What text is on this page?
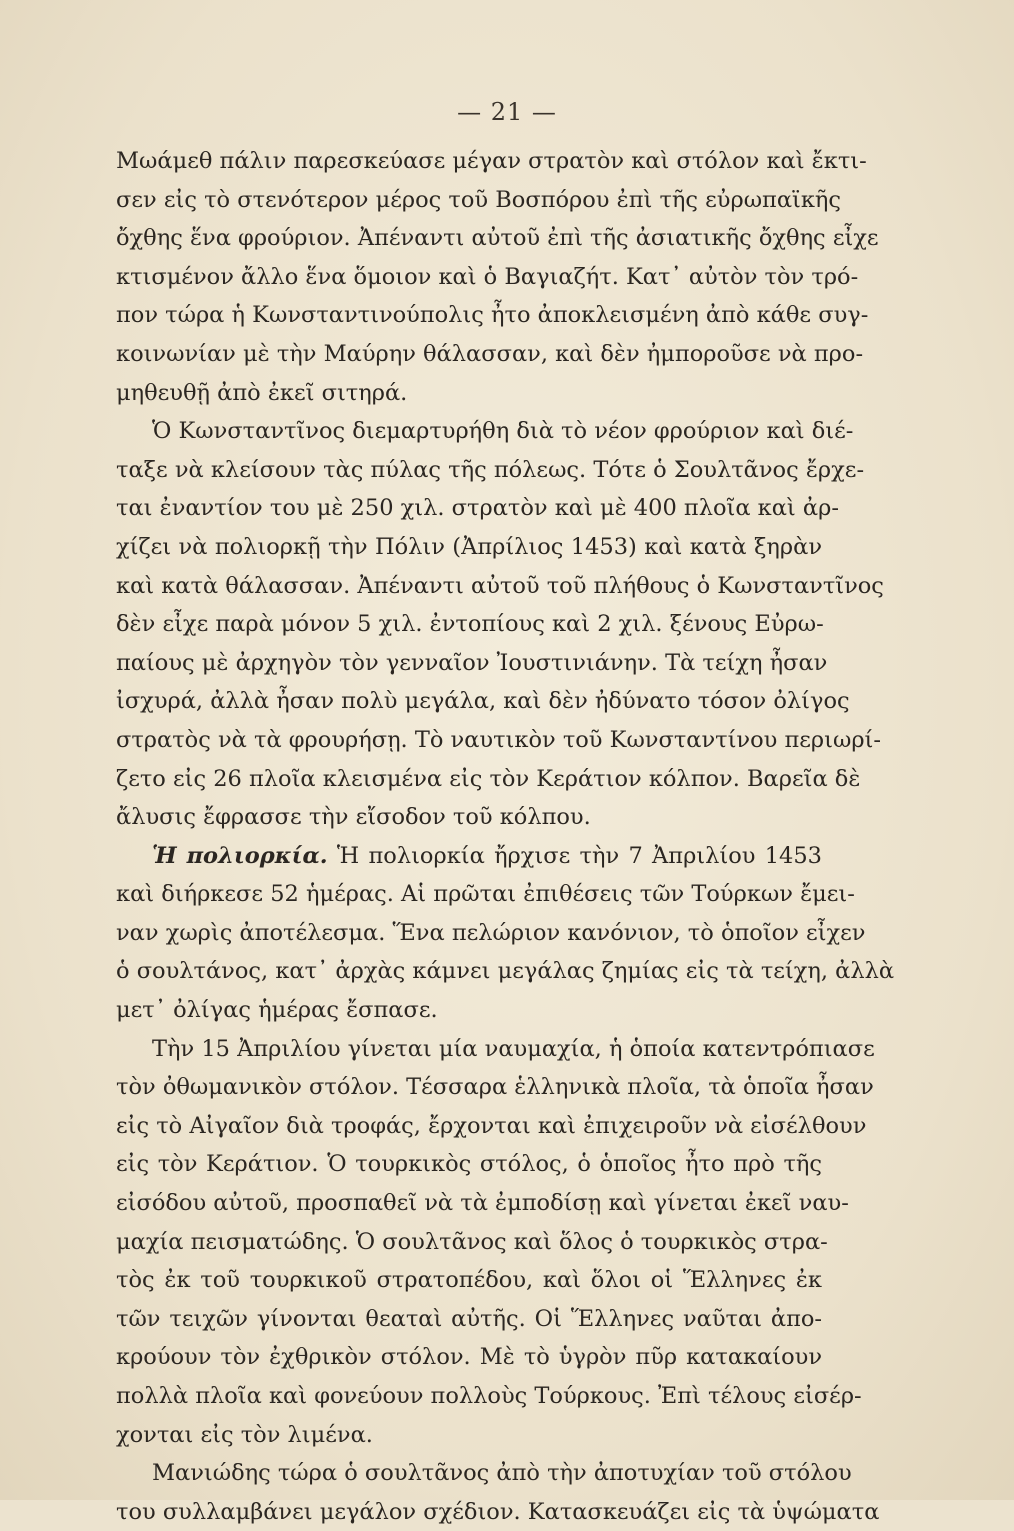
— 21 —
Μωάμεθ πάλιν παρεσκεύασε μέγαν στρατὸν καὶ στόλον καὶ ἔκτι-
σεν εἰς τὸ στενότερον μέρος τοῦ Βοσπόρου ἐπὶ τῆς εὐρωπαϊκῆς
ὄχθης ἕνα φρούριον. Ἀπέναντι αὐτοῦ ἐπὶ τῆς ἀσιατικῆς ὄχθης εἶχε
κτισμένον ἄλλο ἕνα ὅμοιον καὶ ὁ Βαγιαζήτ. Κατ᾽ αὐτὸν τὸν τρό-
πον τώρα ἡ Κωνσταντινούπολις ἦτο ἀποκλεισμένη ἀπὸ κάθε συγ-
κοινωνίαν μὲ τὴν Μαύρην θάλασσαν, καὶ δὲν ἠμποροῦσε νὰ προ-
μηθευθῇ ἀπὸ ἐκεῖ σιτηρά.
Ὁ Κωνσταντῖνος διεμαρτυρήθη διὰ τὸ νέον φρούριον καὶ διέ-
ταξε νὰ κλείσουν τὰς πύλας τῆς πόλεως. Τότε ὁ Σουλτᾶνος ἔρχε-
ται ἐναντίον του μὲ 250 χιλ. στρατὸν καὶ μὲ 400 πλοῖα καὶ ἀρ-
χίζει νὰ πολιορκῇ τὴν Πόλιν (Ἀπρίλιος 1453) καὶ κατὰ ξηρὰν
καὶ κατὰ θάλασσαν. Ἀπέναντι αὐτοῦ τοῦ πλήθους ὁ Κωνσταντῖνος
δὲν εἶχε παρὰ μόνον 5 χιλ. ἐντοπίους καὶ 2 χιλ. ξένους Εὐρω-
παίους μὲ ἀρχηγὸν τὸν γενναῖον Ἰουστινιάνην. Τὰ τείχη ἦσαν
ἰσχυρά, ἀλλὰ ἦσαν πολὺ μεγάλα, καὶ δὲν ἠδύνατο τόσον ὀλίγος
στρατὸς νὰ τὰ φρουρήσῃ. Τὸ ναυτικὸν τοῦ Κωνσταντίνου περιωρί-
ζετο εἰς 26 πλοῖα κλεισμένα εἰς τὸν Κεράτιον κόλπον. Βαρεῖα δὲ
ἄλυσις ἔφρασσε τὴν εἴσοδον τοῦ κόλπου.
Ἡ πολιορκία. Ἡ πολιορκία ἤρχισε τὴν 7 Ἀπριλίου 1453
καὶ διήρκεσε 52 ἡμέρας. Αἱ πρῶται ἐπιθέσεις τῶν Τούρκων ἔμει-
ναν χωρὶς ἀποτέλεσμα. Ἕνα πελώριον κανόνιον, τὸ ὁποῖον εἶχεν
ὁ σουλτάνος, κατ᾽ ἀρχὰς κάμνει μεγάλας ζημίας εἰς τὰ τείχη, ἀλλὰ
μετ᾽ ὀλίγας ἡμέρας ἔσπασε.
Τὴν 15 Ἀπριλίου γίνεται μία ναυμαχία, ἡ ὁποία κατεντρόπιασε
τὸν ὀθωμανικὸν στόλον. Τέσσαρα ἑλληνικὰ πλοῖα, τὰ ὁποῖα ἦσαν
εἰς τὸ Αἰγαῖον διὰ τροφάς, ἔρχονται καὶ ἐπιχειροῦν νὰ εἰσέλθουν
εἰς τὸν Κεράτιον. Ὁ τουρκικὸς στόλος, ὁ ὁποῖος ἦτο πρὸ τῆς
εἰσόδου αὐτοῦ, προσπαθεῖ νὰ τὰ ἐμποδίσῃ καὶ γίνεται ἐκεῖ ναυ-
μαχία πεισματώδης. Ὁ σουλτᾶνος καὶ ὅλος ὁ τουρκικὸς στρα-
τὸς ἐκ τοῦ τουρκικοῦ στρατοπέδου, καὶ ὅλοι οἱ Ἕλληνες ἐκ
τῶν τειχῶν γίνονται θεαταὶ αὐτῆς. Οἱ Ἕλληνες ναῦται ἀπο-
κρούουν τὸν ἐχθρικὸν στόλον. Μὲ τὸ ὑγρὸν πῦρ κατακαίουν
πολλὰ πλοῖα καὶ φονεύουν πολλοὺς Τούρκους. Ἐπὶ τέλους εἰσέρ-
χονται εἰς τὸν λιμένα.
Μανιώδης τώρα ὁ σουλτᾶνος ἀπὸ τὴν ἀποτυχίαν τοῦ στόλου
του συλλαμβάνει μεγάλον σχέδιον. Κατασκευάζει εἰς τὰ ὑψώματα
